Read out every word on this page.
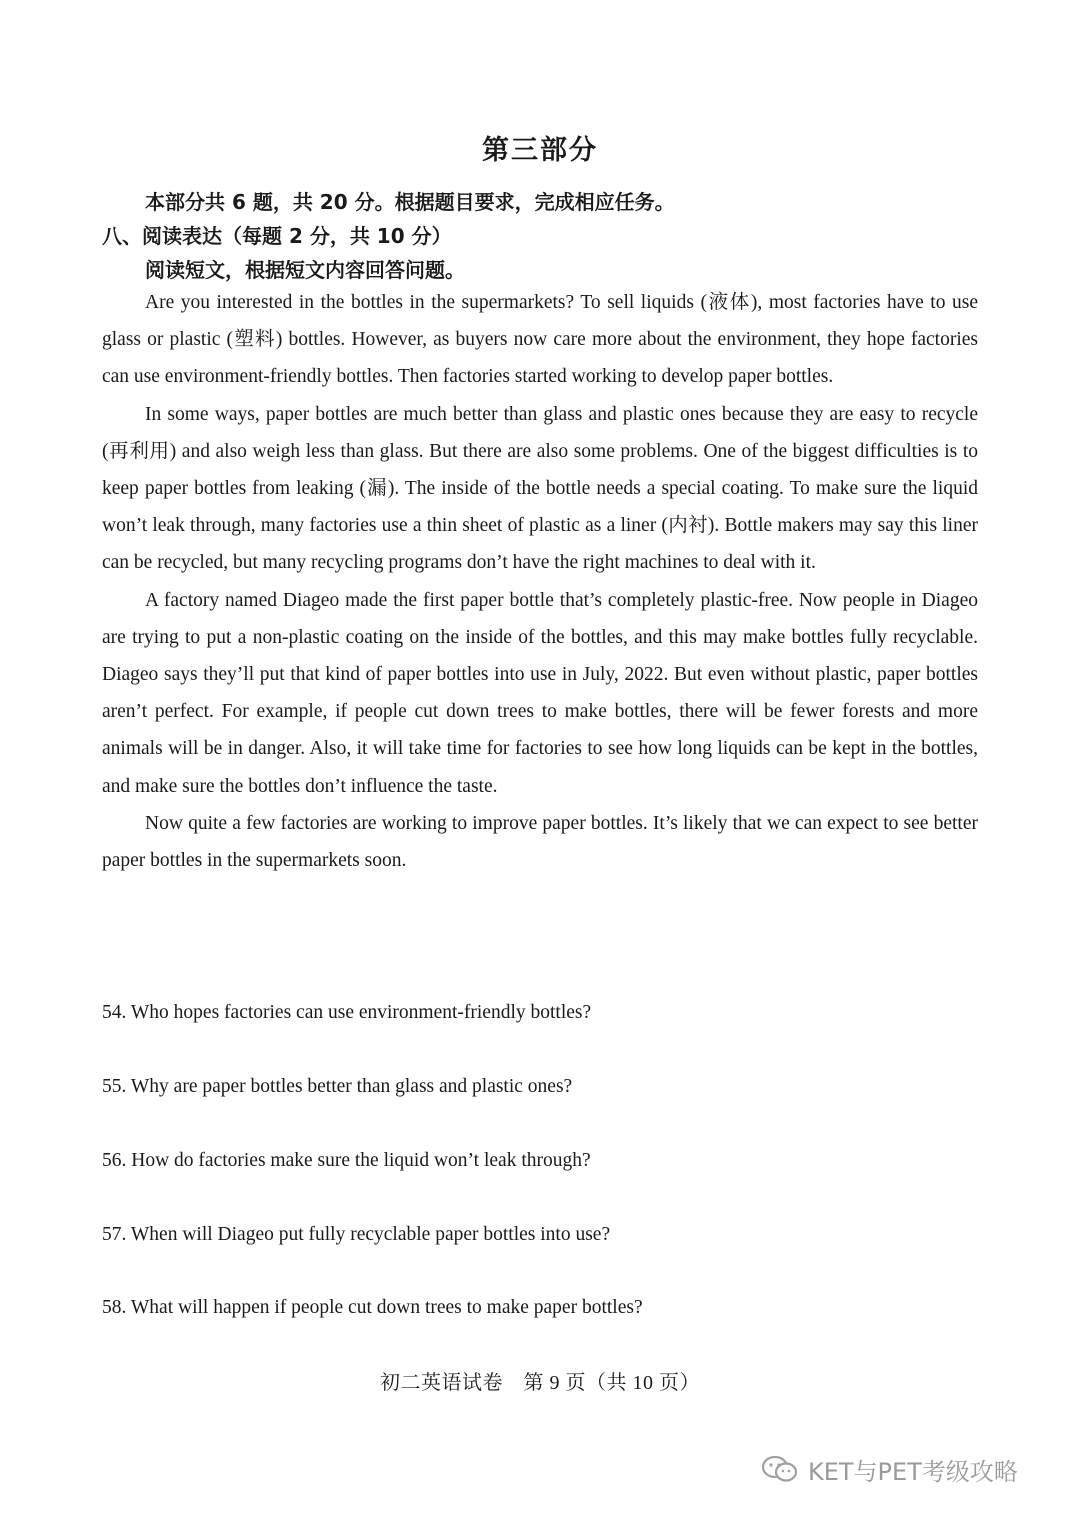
第三部分
本部分共 6 题，共 20 分。根据题目要求，完成相应任务。
八、阅读表达（每题 2 分，共 10 分）
阅读短文，根据短文内容回答问题。

Are you interested in the bottles in the supermarkets? To sell liquids (液体), most factories have to use glass or plastic (塑料) bottles. However, as buyers now care more about the environment, they hope factories can use environment-friendly bottles. Then factories started working to develop paper bottles.

In some ways, paper bottles are much better than glass and plastic ones because they are easy to recycle (再利用) and also weigh less than glass. But there are also some problems. One of the biggest difficulties is to keep paper bottles from leaking (漏). The inside of the bottle needs a special coating. To make sure the liquid won’t leak through, many factories use a thin sheet of plastic as a liner (内衬). Bottle makers may say this liner can be recycled, but many recycling programs don’t have the right machines to deal with it.

A factory named Diageo made the first paper bottle that’s completely plastic-free. Now people in Diageo are trying to put a non-plastic coating on the inside of the bottles, and this may make bottles fully recyclable. Diageo says they’ll put that kind of paper bottles into use in July, 2022. But even without plastic, paper bottles aren’t perfect. For example, if people cut down trees to make bottles, there will be fewer forests and more animals will be in danger. Also, it will take time for factories to see how long liquids can be kept in the bottles, and make sure the bottles don’t influence the taste.

Now quite a few factories are working to improve paper bottles. It’s likely that we can expect to see better paper bottles in the supermarkets soon.

54. Who hopes factories can use environment-friendly bottles?
55. Why are paper bottles better than glass and plastic ones?
56. How do factories make sure the liquid won’t leak through?
57. When will Diageo put fully recyclable paper bottles into use?
58. What will happen if people cut down trees to make paper bottles?
初二英语试卷　第 9 页（共 10 页）
KET与PET考级攻略
